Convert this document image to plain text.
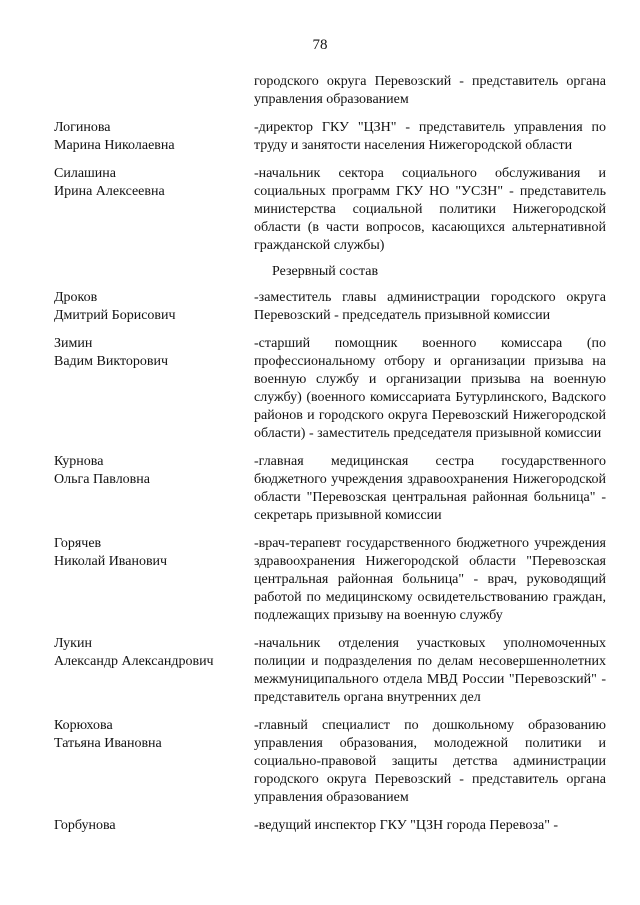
78
городского округа Перевозский - представитель органа управления образованием
Логинова
Марина Николаевна
-директор ГКУ "ЦЗН" - представитель управления по труду и занятости населения Нижегородской области
Силашина
Ирина Алексеевна
-начальник сектора социального обслуживания и социальных программ ГКУ НО "УСЗН" - представитель министерства социальной политики Нижегородской области (в части вопросов, касающихся альтернативной гражданской службы)
Резервный состав
Дроков
Дмитрий Борисович
-заместитель главы администрации городского округа Перевозский - председатель призывной комиссии
Зимин
Вадим Викторович
-старший помощник военного комиссара (по профессиональному отбору и организации призыва на военную службу и организации призыва на военную службу) (военного комиссариата Бутурлинского, Вадского районов и городского округа Перевозский Нижегородской области) - заместитель председателя призывной комиссии
Курнова
Ольга Павловна
-главная медицинская сестра государственного бюджетного учреждения здравоохранения Нижегородской области "Перевозская центральная районная больница" - секретарь призывной комиссии
Горячев
Николай Иванович
-врач-терапевт государственного бюджетного учреждения здравоохранения Нижегородской области "Перевозская центральная районная больница" - врач, руководящий работой по медицинскому освидетельствованию граждан, подлежащих призыву на военную службу
Лукин
Александр Александрович
-начальник отделения участковых уполномоченных полиции и подразделения по делам несовершеннолетних межмуниципального отдела МВД России "Перевозский" - представитель органа внутренних дел
Корюхова
Татьяна Ивановна
-главный специалист по дошкольному образованию управления образования, молодежной политики и социально-правовой защиты детства администрации городского округа Перевозский - представитель органа управления образованием
Горбунова	-ведущий инспектор ГКУ "ЦЗН города Перевоза" -
